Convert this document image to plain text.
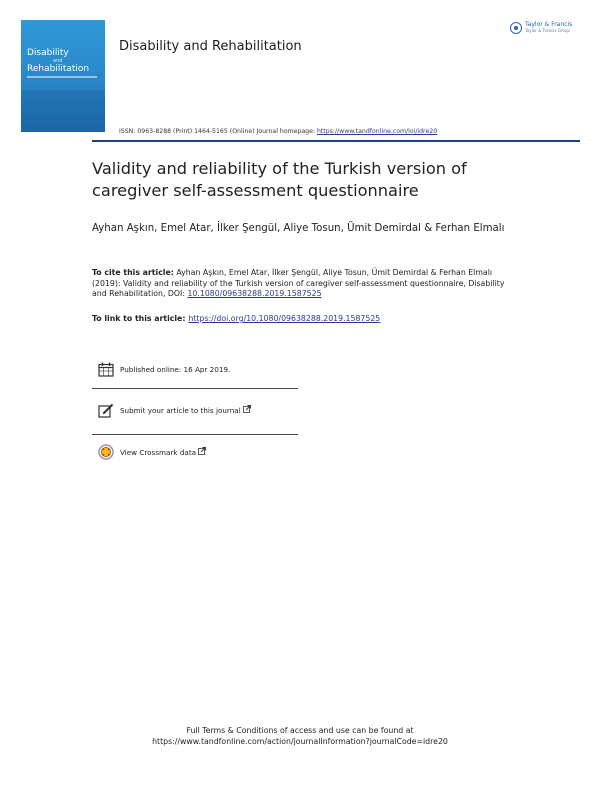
Disability
and
Rehabilitation
Disability and Rehabilitation
Taylor & Francis
Taylor & Francis Group
ISSN: 0963-8288 (Print) 1464-5165 (Online) Journal homepage: https://www.tandfonline.com/loi/idre20
Validity and reliability of the Turkish version of caregiver self-assessment questionnaire
Ayhan Aşkın, Emel Atar, İlker Şengül, Aliye Tosun, Ümit Demirdal & Ferhan Elmalı
To cite this article: Ayhan Aşkın, Emel Atar, İlker Şengül, Aliye Tosun, Ümit Demirdal & Ferhan Elmalı (2019): Validity and reliability of the Turkish version of caregiver self-assessment questionnaire, Disability and Rehabilitation, DOI: 10.1080/09638288.2019.1587525
To link to this article: https://doi.org/10.1080/09638288.2019.1587525
Published online: 16 Apr 2019.
Submit your article to this journal
View Crossmark data
Full Terms & Conditions of access and use can be found at
https://www.tandfonline.com/action/journalInformation?journalCode=idre20
